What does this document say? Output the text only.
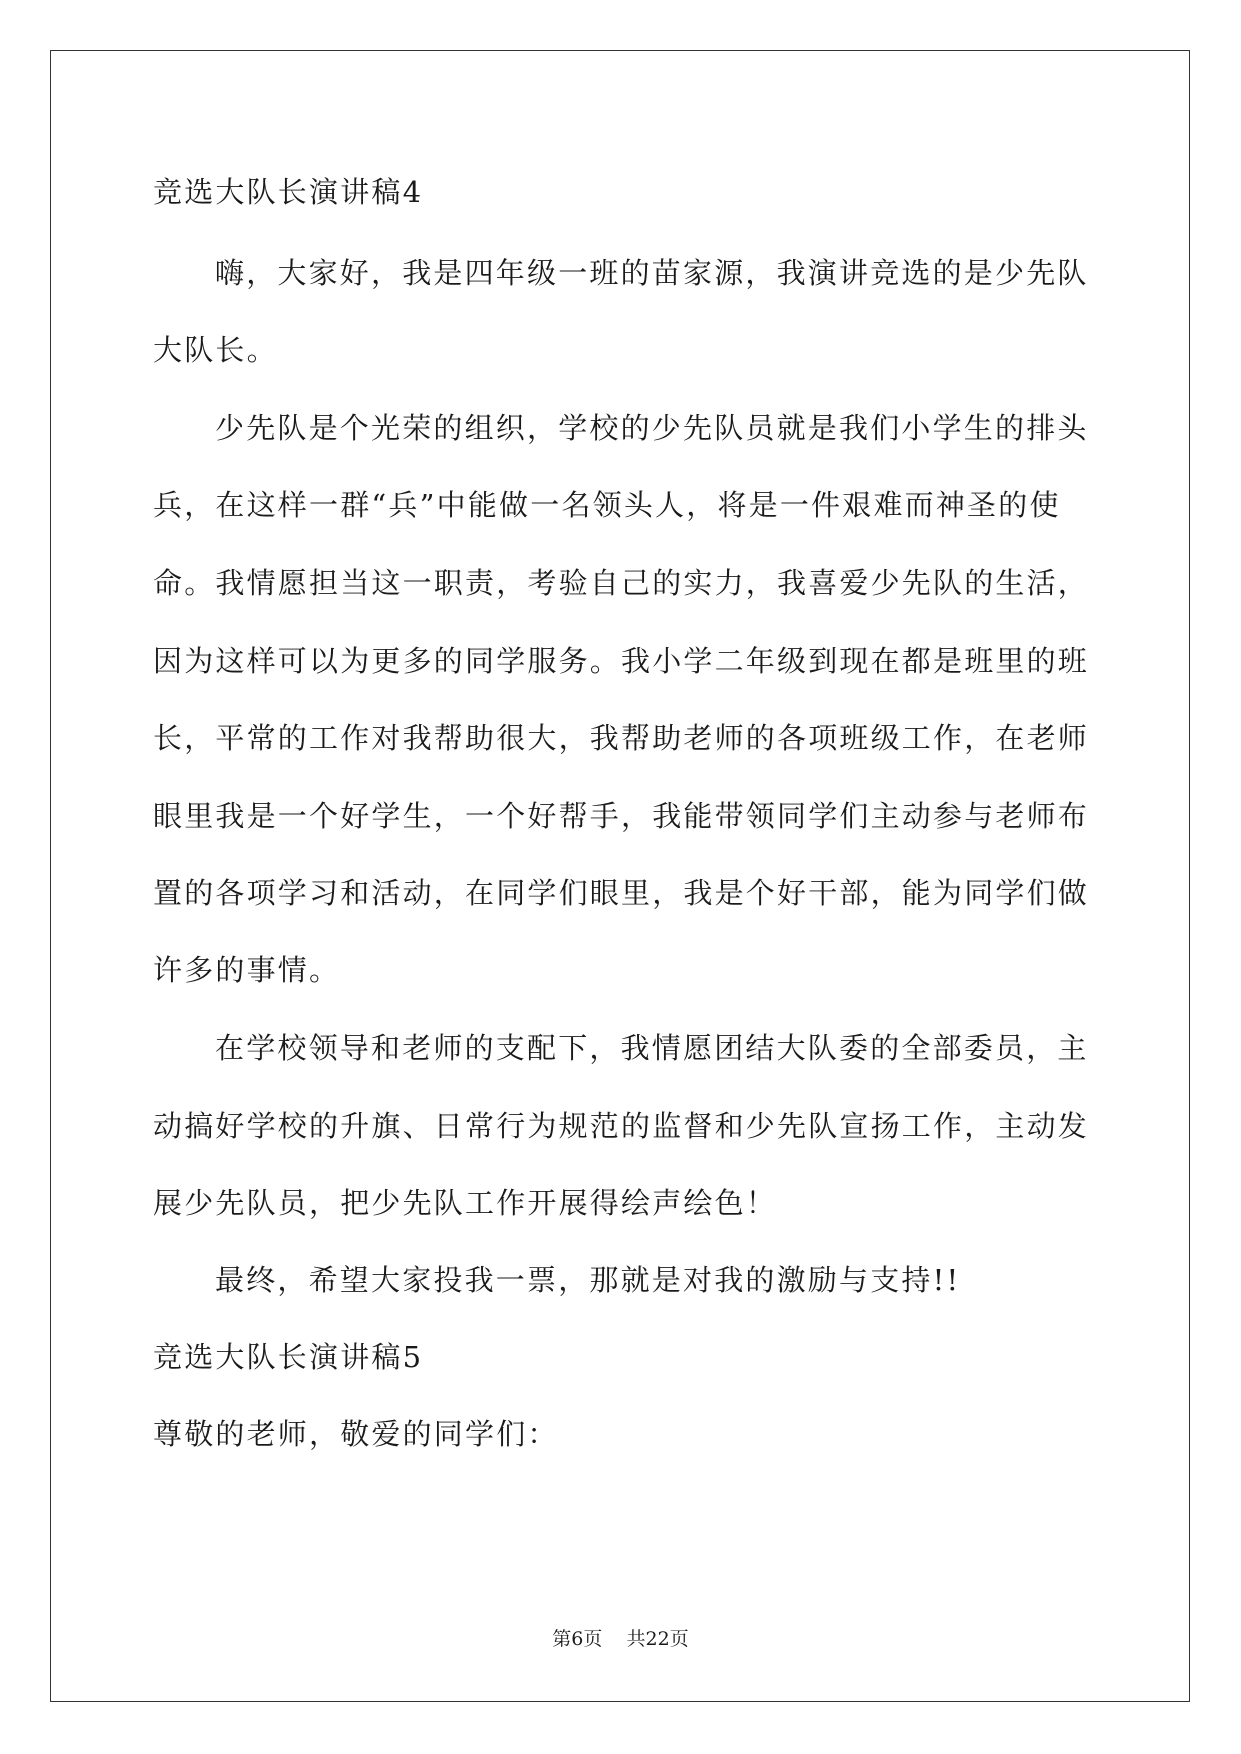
竞选大队长演讲稿4
嗨，大家好，我是四年级一班的苗家源，我演讲竞选的是少先队
大队长。
少先队是个光荣的组织，学校的少先队员就是我们小学生的排头
兵，在这样一群“兵”中能做一名领头人，将是一件艰难而神圣的使
命。我情愿担当这一职责，考验自己的实力，我喜爱少先队的生活，
因为这样可以为更多的同学服务。我小学二年级到现在都是班里的班
长，平常的工作对我帮助很大，我帮助老师的各项班级工作，在老师
眼里我是一个好学生，一个好帮手，我能带领同学们主动参与老师布
置的各项学习和活动，在同学们眼里，我是个好干部，能为同学们做
许多的事情。
在学校领导和老师的支配下，我情愿团结大队委的全部委员，主
动搞好学校的升旗、日常行为规范的监督和少先队宣扬工作，主动发
展少先队员，把少先队工作开展得绘声绘色！
最终，希望大家投我一票，那就是对我的激励与支持!!
竞选大队长演讲稿5
尊敬的老师，敬爱的同学们：
第6页 共22页
